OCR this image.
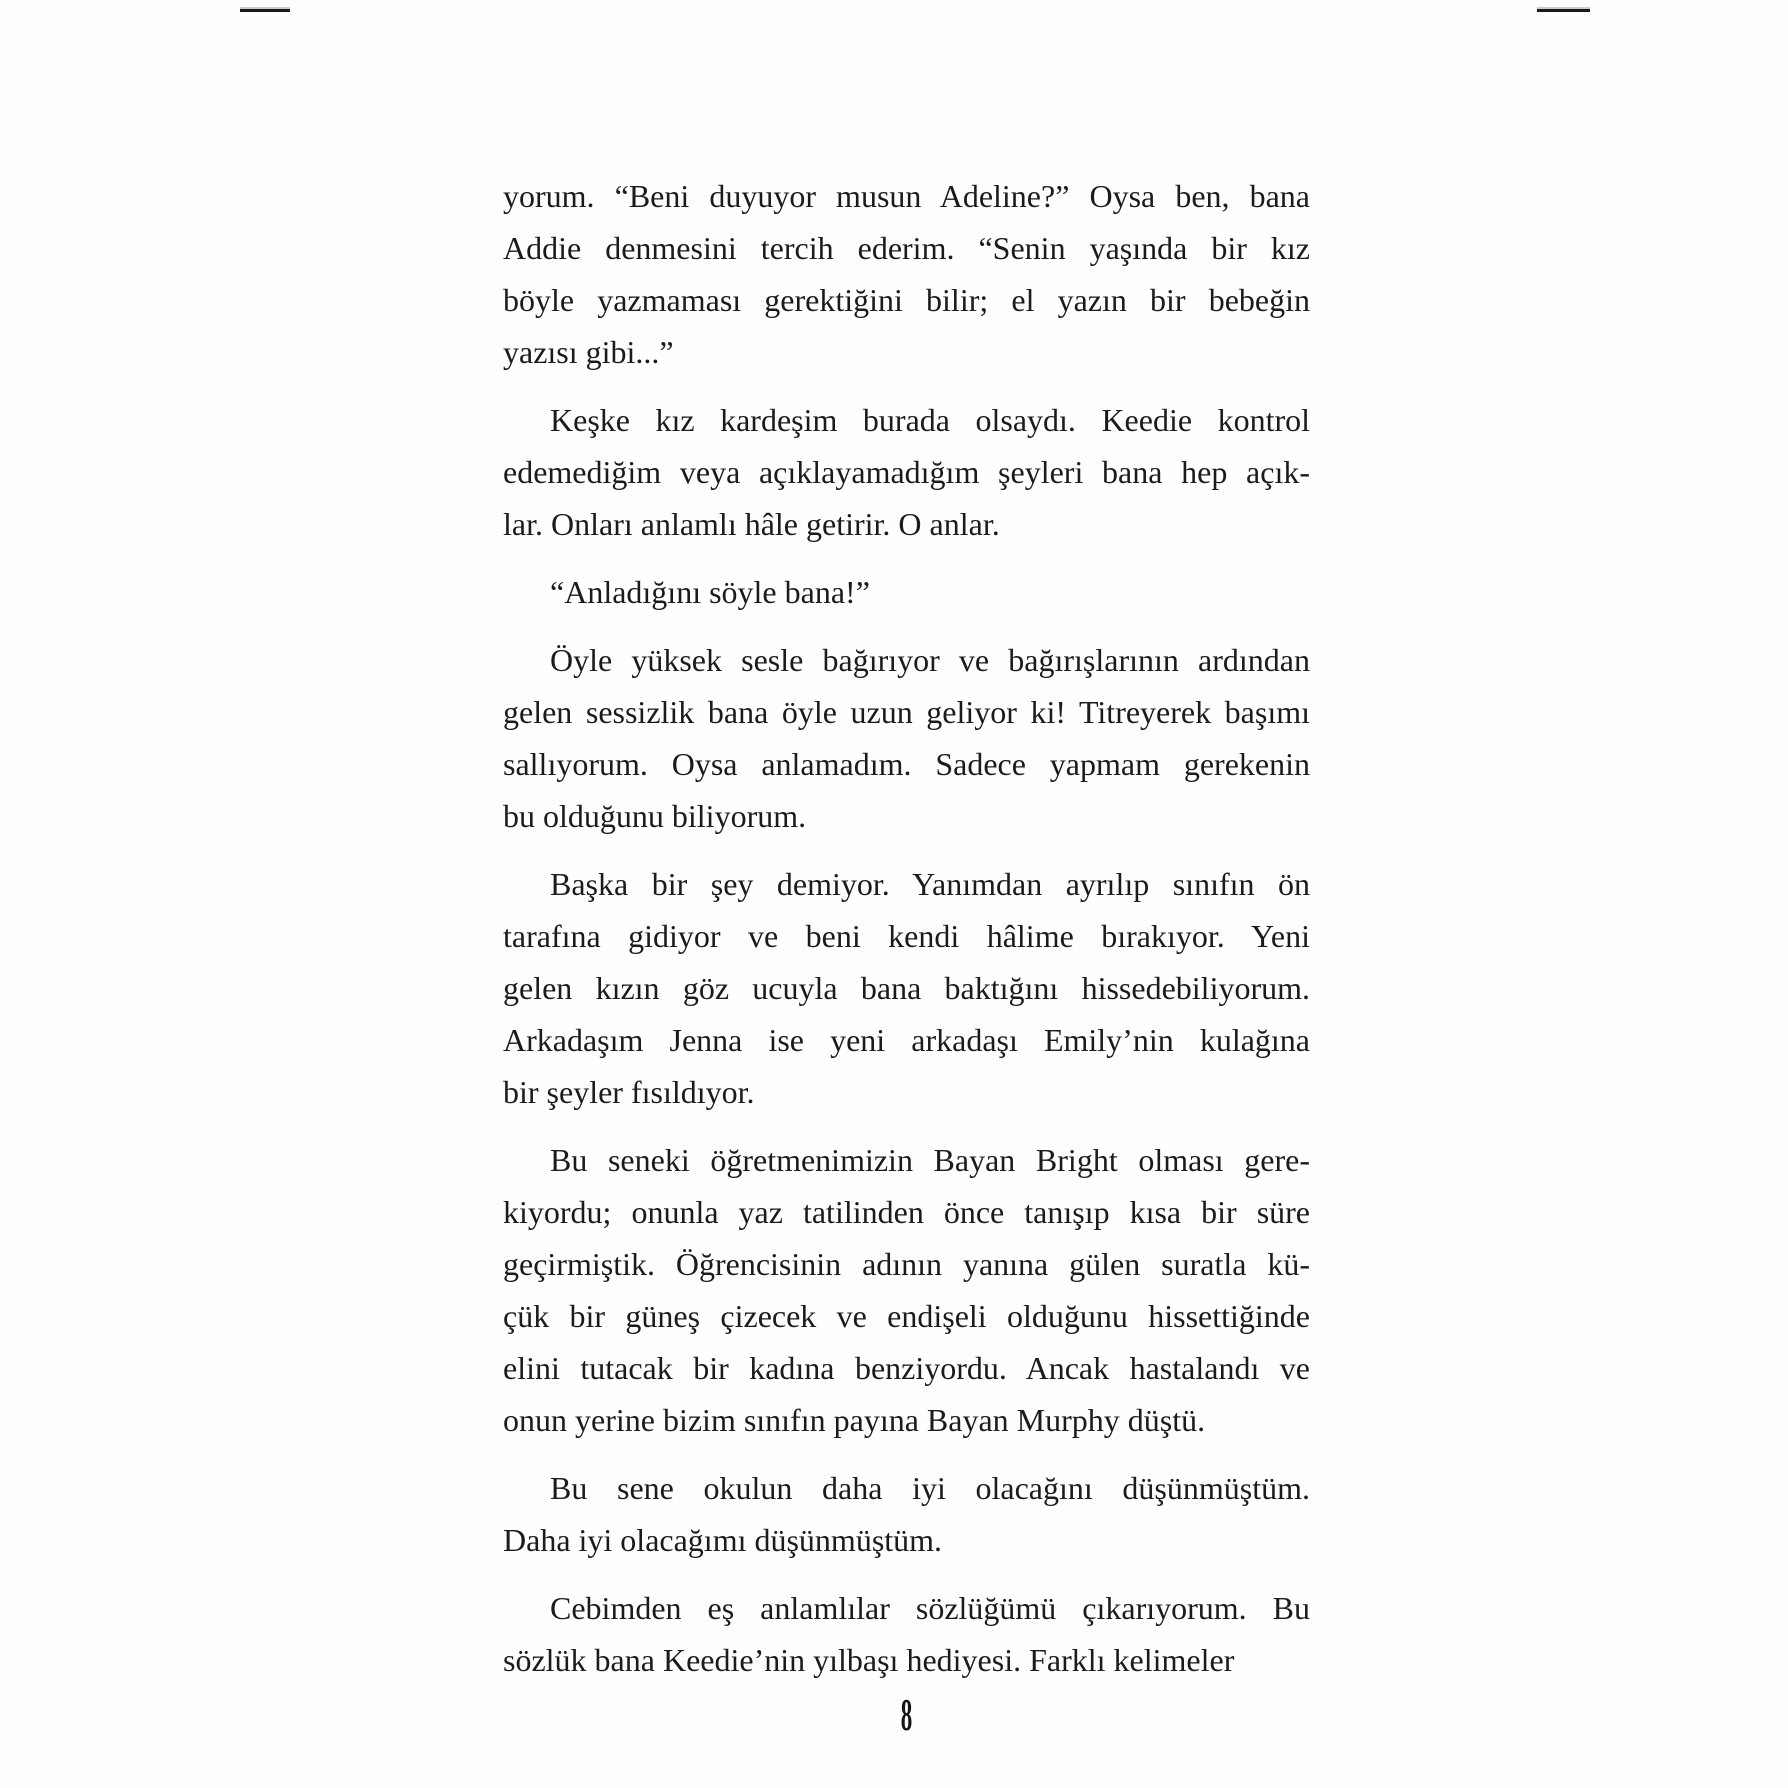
yorum. “Beni duyuyor musun Adeline?” Oysa ben, bana
Addie denmesini tercih ederim. “Senin yaşında bir kız
böyle yazmaması gerektiğini bilir; el yazın bir bebeğin
yazısı gibi...”
Keşke kız kardeşim burada olsaydı. Keedie kontrol
edemediğim veya açıklayamadığım şeyleri bana hep açık-
lar. Onları anlamlı hâle getirir. O anlar.
“Anladığını söyle bana!”
Öyle yüksek sesle bağırıyor ve bağırışlarının ardından
gelen sessizlik bana öyle uzun geliyor ki! Titreyerek başımı
sallıyorum. Oysa anlamadım. Sadece yapmam gerekenin
bu olduğunu biliyorum.
Başka bir şey demiyor. Yanımdan ayrılıp sınıfın ön
tarafına gidiyor ve beni kendi hâlime bırakıyor. Yeni
gelen kızın göz ucuyla bana baktığını hissedebiliyorum.
Arkadaşım Jenna ise yeni arkadaşı Emily’nin kulağına
bir şeyler fısıldıyor.
Bu seneki öğretmenimizin Bayan Bright olması gere-
kiyordu; onunla yaz tatilinden önce tanışıp kısa bir süre
geçirmiştik. Öğrencisinin adının yanına gülen suratla kü-
çük bir güneş çizecek ve endişeli olduğunu hissettiğinde
elini tutacak bir kadına benziyordu. Ancak hastalandı ve
onun yerine bizim sınıfın payına Bayan Murphy düştü.
Bu sene okulun daha iyi olacağını düşünmüştüm.
Daha iyi olacağımı düşünmüştüm.
Cebimden eş anlamlılar sözlüğümü çıkarıyorum. Bu
sözlük bana Keedie’nin yılbaşı hediyesi. Farklı kelimeler
8
